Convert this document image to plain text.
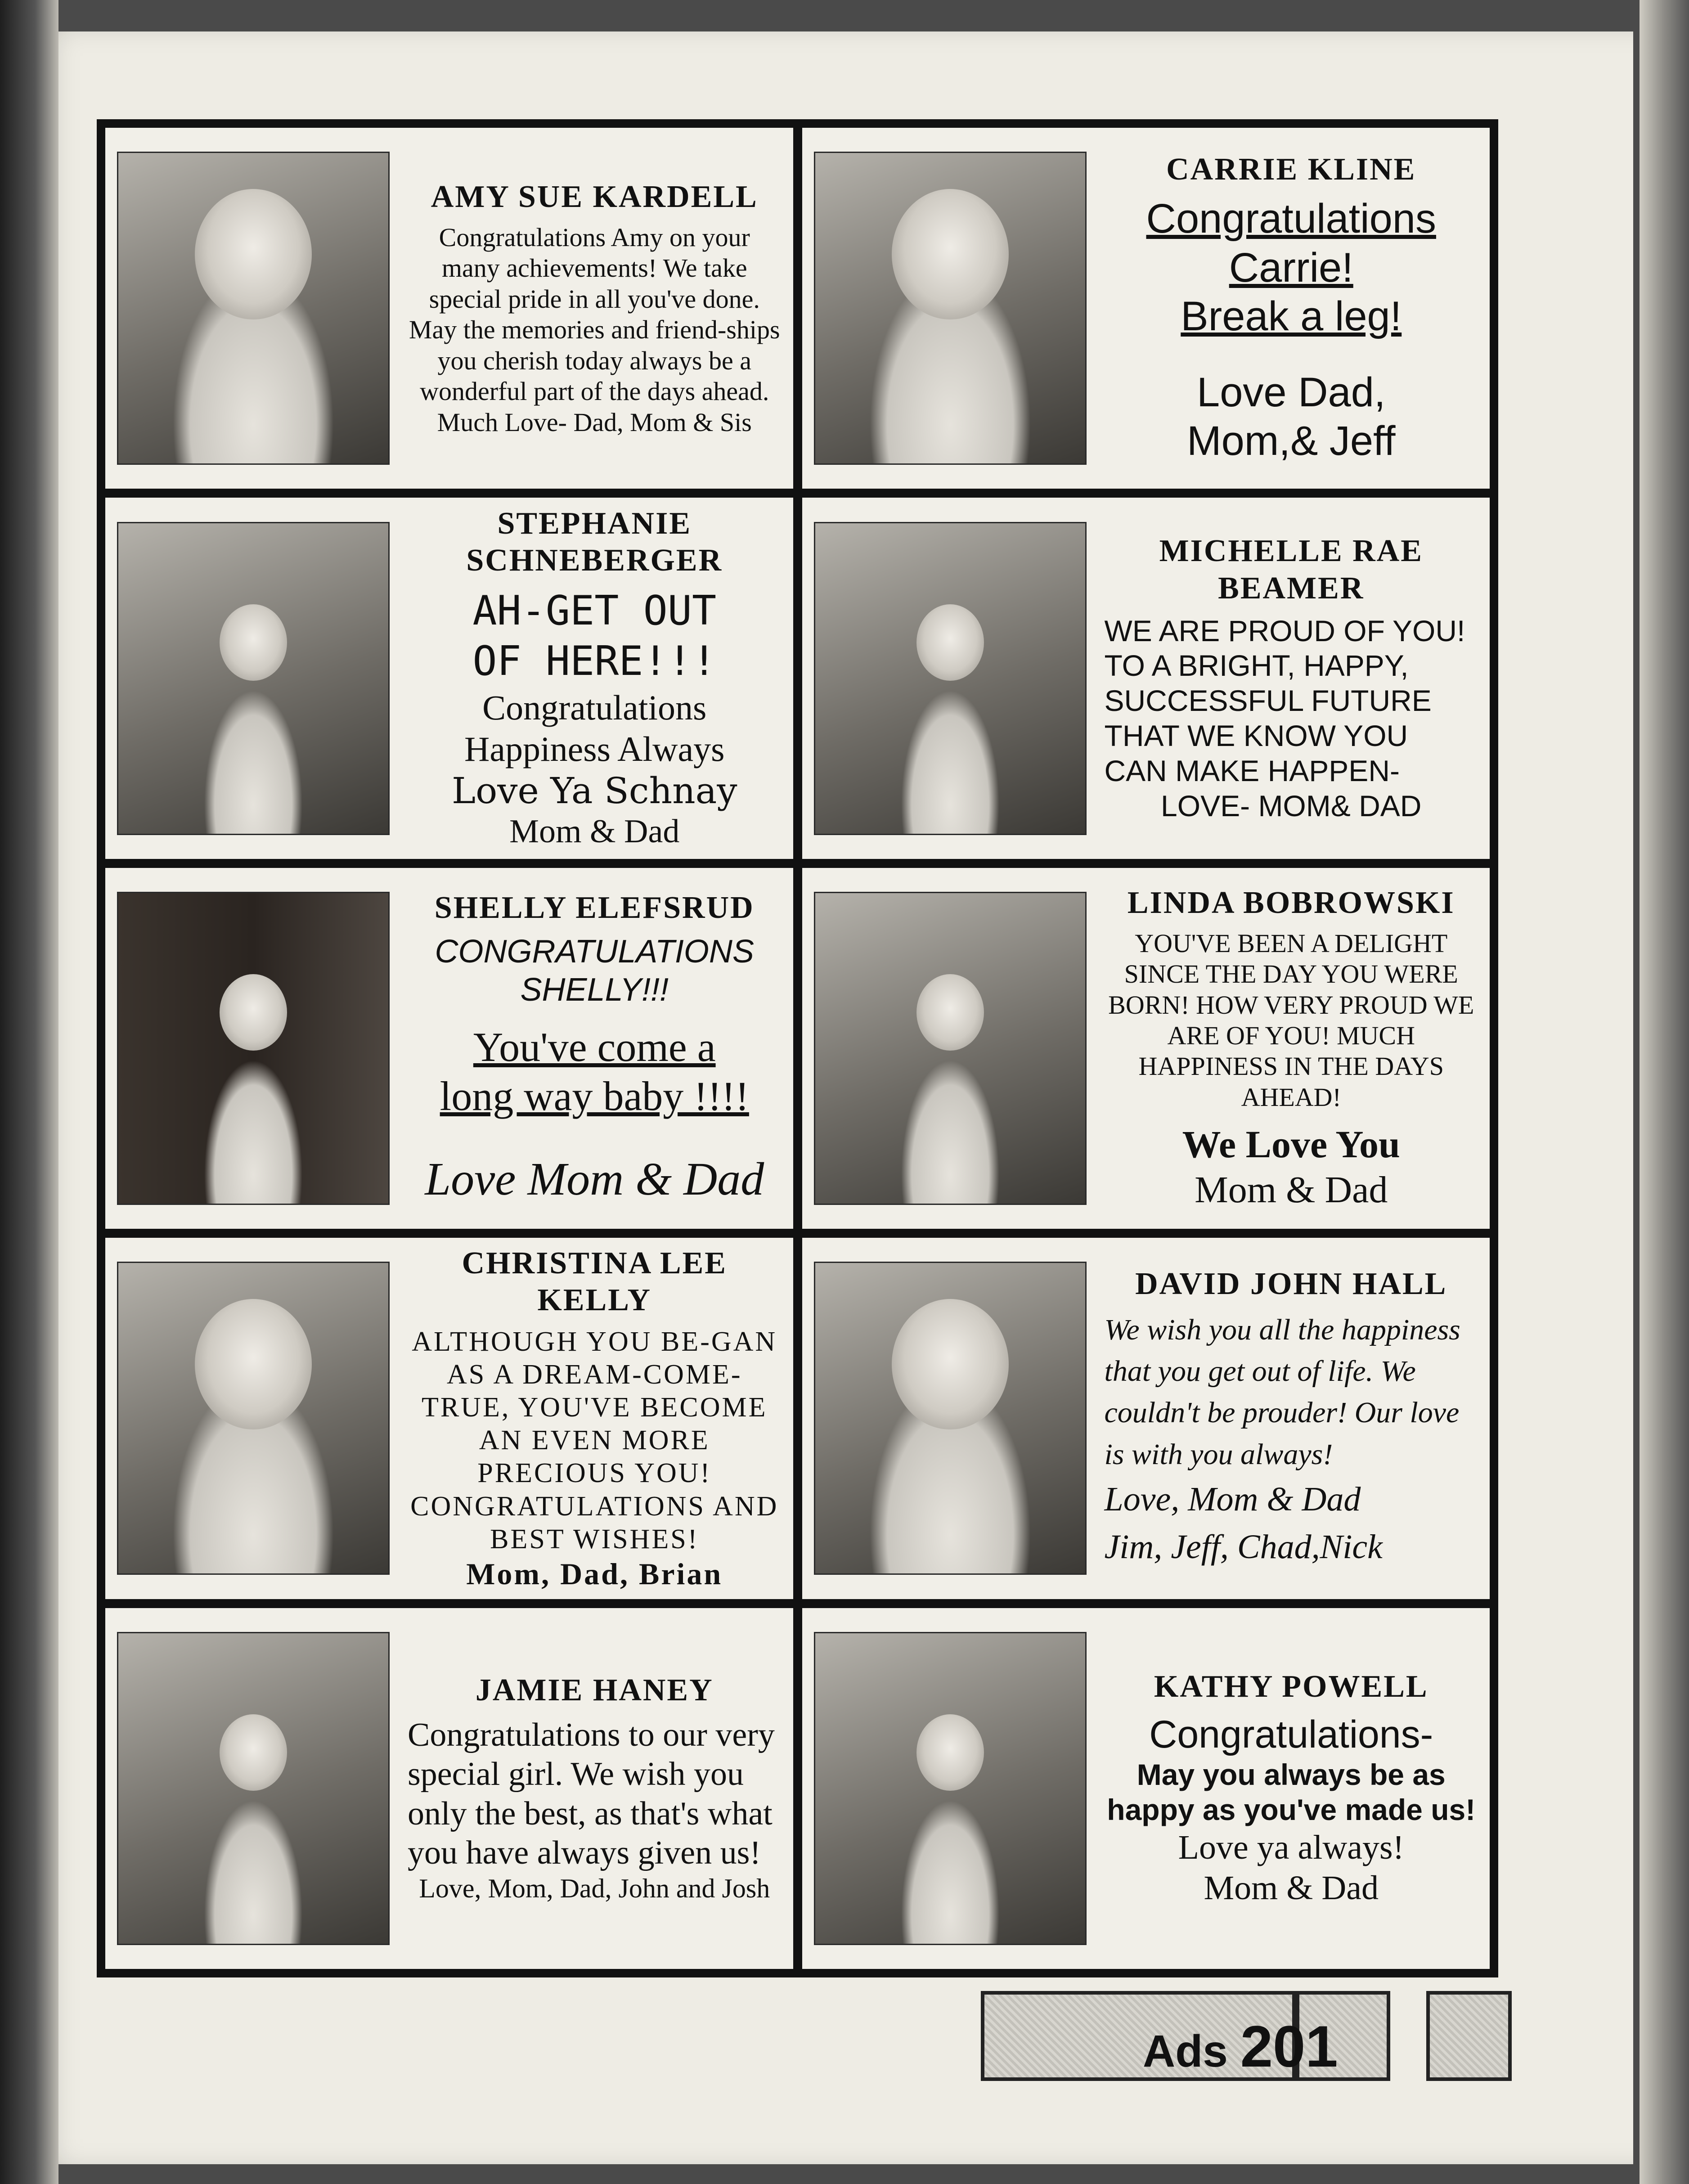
AMY SUE KARDELL
Congratulations Amy on your many achievements! We take special pride in all you've done. May the memories and friend-ships you cherish today always be a wonderful part of the days ahead.
Much Love- Dad, Mom & Sis
CARRIE KLINE
Congratulations
Carrie!
Break a leg!
Love Dad,
Mom,& Jeff
STEPHANIE SCHNEBERGER
AH-GET OUT
OF HERE!!!
Congratulations
Happiness Always
Love Ya Schnay
Mom & Dad
MICHELLE RAE BEAMER
WE ARE PROUD OF YOU! TO A BRIGHT, HAPPY, SUCCESSFUL FUTURE THAT WE KNOW YOU CAN MAKE HAPPEN-
LOVE- MOM& DAD
SHELLY ELEFSRUD
CONGRATULATIONS SHELLY!!!
You've come a
long way baby !!!!
Love Mom & Dad
LINDA BOBROWSKI
YOU'VE BEEN A DELIGHT SINCE THE DAY YOU WERE BORN! HOW VERY PROUD WE ARE OF YOU! MUCH HAPPINESS IN THE DAYS AHEAD!
We Love You
Mom & Dad
CHRISTINA LEE KELLY
ALTHOUGH YOU BE-GAN AS A DREAM-COME-TRUE, YOU'VE BECOME AN EVEN MORE PRECIOUS YOU!
CONGRATULATIONS AND BEST WISHES!
Mom, Dad, Brian
DAVID JOHN HALL
We wish you all the happiness that you get out of life. We couldn't be prouder! Our love is with you always!
Love, Mom & Dad
Jim, Jeff, Chad,Nick
JAMIE HANEY
Congratulations to our very special girl. We wish you only the best, as that's what you have always given us!
Love, Mom, Dad, John and Josh
KATHY POWELL
Congratulations-
May you always be as happy as you've made us!
Love ya always!
Mom & Dad
Ads 201
